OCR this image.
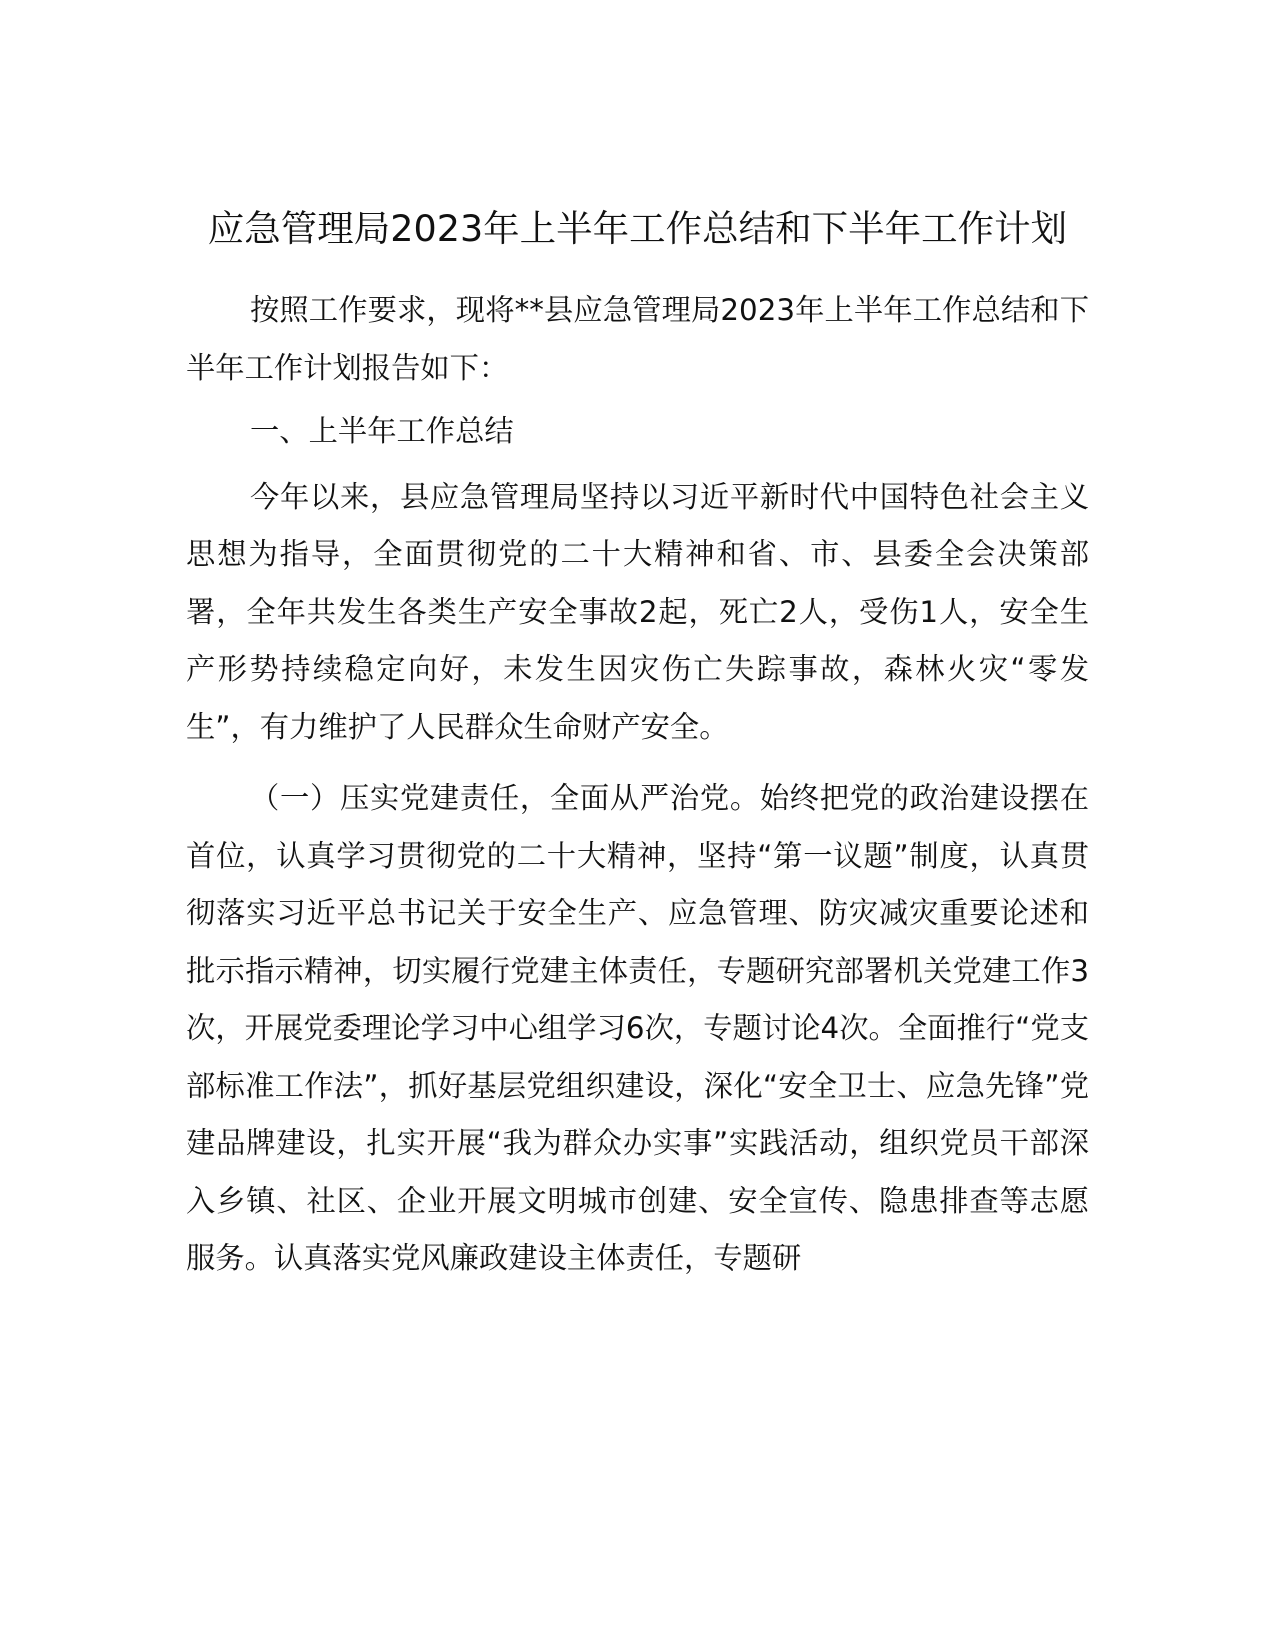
应急管理局2023年上半年工作总结和下半年工作计划

按照工作要求，现将**县应急管理局2023年上半年工作总结和下半年工作计划报告如下：

一、上半年工作总结

今年以来，县应急管理局坚持以习近平新时代中国特色社会主义思想为指导，全面贯彻党的二十大精神和省、市、县委全会决策部署，全年共发生各类生产安全事故2起，死亡2人，受伤1人，安全生产形势持续稳定向好，未发生因灾伤亡失踪事故，森林火灾“零发生”，有力维护了人民群众生命财产安全。

（一）压实党建责任，全面从严治党。始终把党的政治建设摆在首位，认真学习贯彻党的二十大精神，坚持“第一议题”制度，认真贯彻落实习近平总书记关于安全生产、应急管理、防灾减灾重要论述和批示指示精神，切实履行党建主体责任，专题研究部署机关党建工作3次，开展党委理论学习中心组学习6次，专题讨论4次。全面推行“党支部标准工作法”，抓好基层党组织建设，深化“安全卫士、应急先锋”党建品牌建设，扎实开展“我为群众办实事”实践活动，组织党员干部深入乡镇、社区、企业开展文明城市创建、安全宣传、隐患排查等志愿服务。认真落实党风廉政建设主体责任，专题研
